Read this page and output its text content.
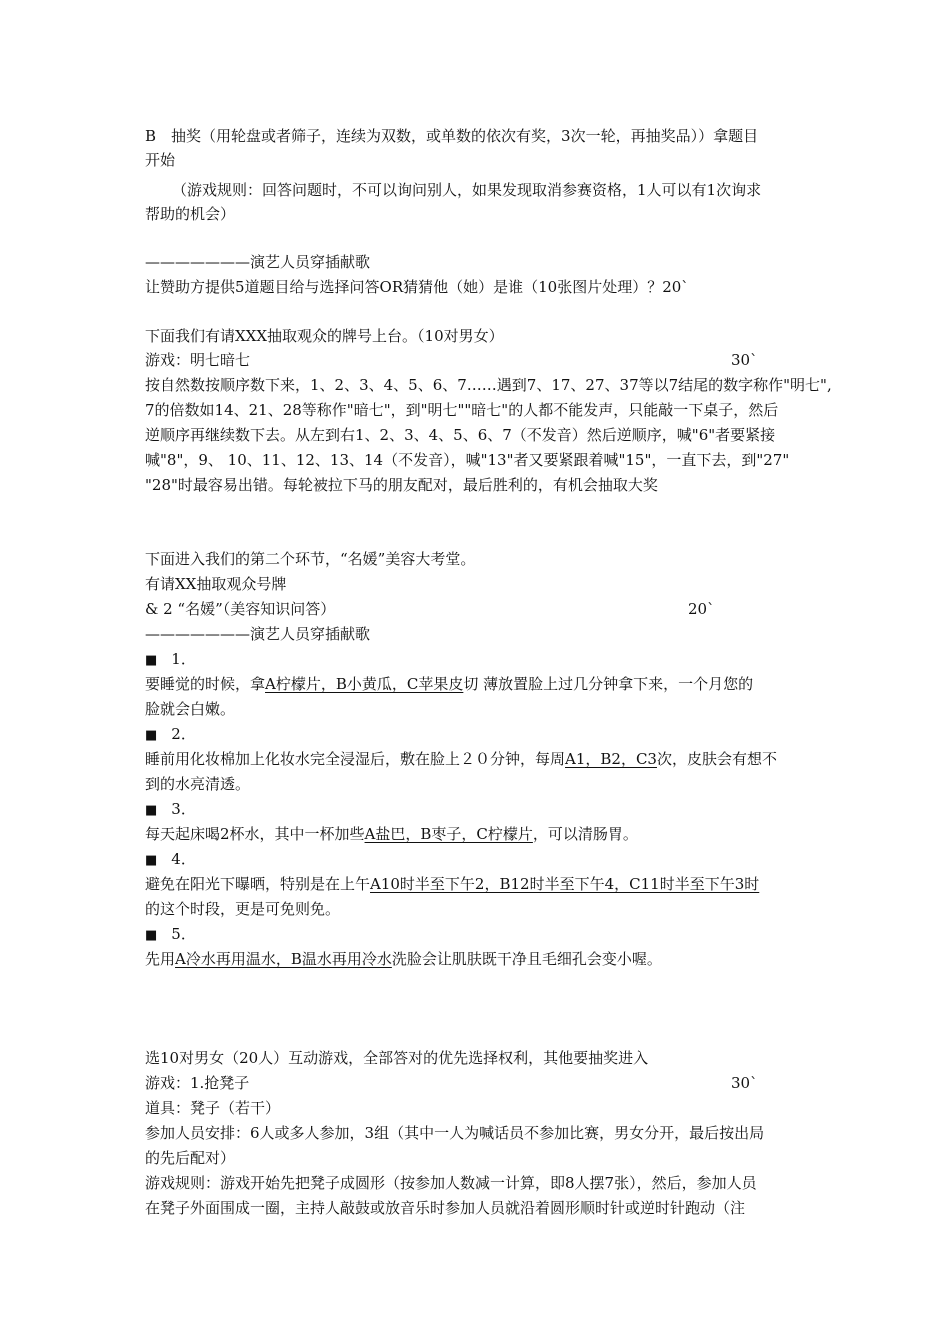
B　抽奖（用轮盘或者筛子，连续为双数，或单数的依次有奖，3次一轮，再抽奖品））拿题目
开始
（游戏规则：回答问题时，不可以询问别人，如果发现取消参赛资格，1人可以有1次询求
帮助的机会）
———————演艺人员穿插献歌
让赞助方提供5道题目给与选择问答OR猜猜他（她）是谁（10张图片处理）？20`
下面我们有请XXX抽取观众的牌号上台。（10对男女）
游戏：明七暗七	30`
按自然数按顺序数下来，1、2、3、4、5、6、7……遇到7、17、27、37等以7结尾的数字称作"明七",
7的倍数如14、21、28等称作"暗七"，到"明七""暗七"的人都不能发声，只能敲一下桌子，然后
逆顺序再继续数下去。从左到右1、2、3、4、5、6、7（不发音）然后逆顺序，喊"6"者要紧接
喊"8"，9、 10、11、12、13、14（不发音），喊"13"者又要紧跟着喊"15"，一直下去，到"27"
"28"时最容易出错。每轮被拉下马的朋友配对，最后胜利的，有机会抽取大奖
下面进入我们的第二个环节，“名媛”美容大考堂。
有请XX抽取观众号牌
& 2 “名媛”（美容知识问答）	20`
———————演艺人员穿插献歌
■ 1．
要睡觉的时候，拿A柠檬片，B小黄瓜，C苹果皮切 薄放置脸上过几分钟拿下来，一个月您的
脸就会白嫩。
■ 2．
睡前用化妆棉加上化妆水完全浸湿后，敷在脸上２０分钟，每周A1，B2，C3次，皮肤会有想不
到的水亮清透。
■ 3．
每天起床喝2杯水，其中一杯加些A盐巴，B枣子，C柠檬片，可以清肠胃。
■ 4．
避免在阳光下曝晒，特别是在上午A10时半至下午2，B12时半至下午4，C11时半至下午3时
的这个时段，更是可免则免。
■ 5．
先用A冷水再用温水，B温水再用冷水洗脸会让肌肤既干净且毛细孔会变小喔。
选10对男女（20人）互动游戏，全部答对的优先选择权利，其他要抽奖进入
游戏：1.抢凳子	30`
道具：凳子（若干）
参加人员安排：6人或多人参加，3组（其中一人为喊话员不参加比赛，男女分开，最后按出局
的先后配对）
游戏规则：游戏开始先把凳子成圆形（按参加人数减一计算，即8人摆7张），然后，参加人员
在凳子外面围成一圈，主持人敲鼓或放音乐时参加人员就沿着圆形顺时针或逆时针跑动（注
